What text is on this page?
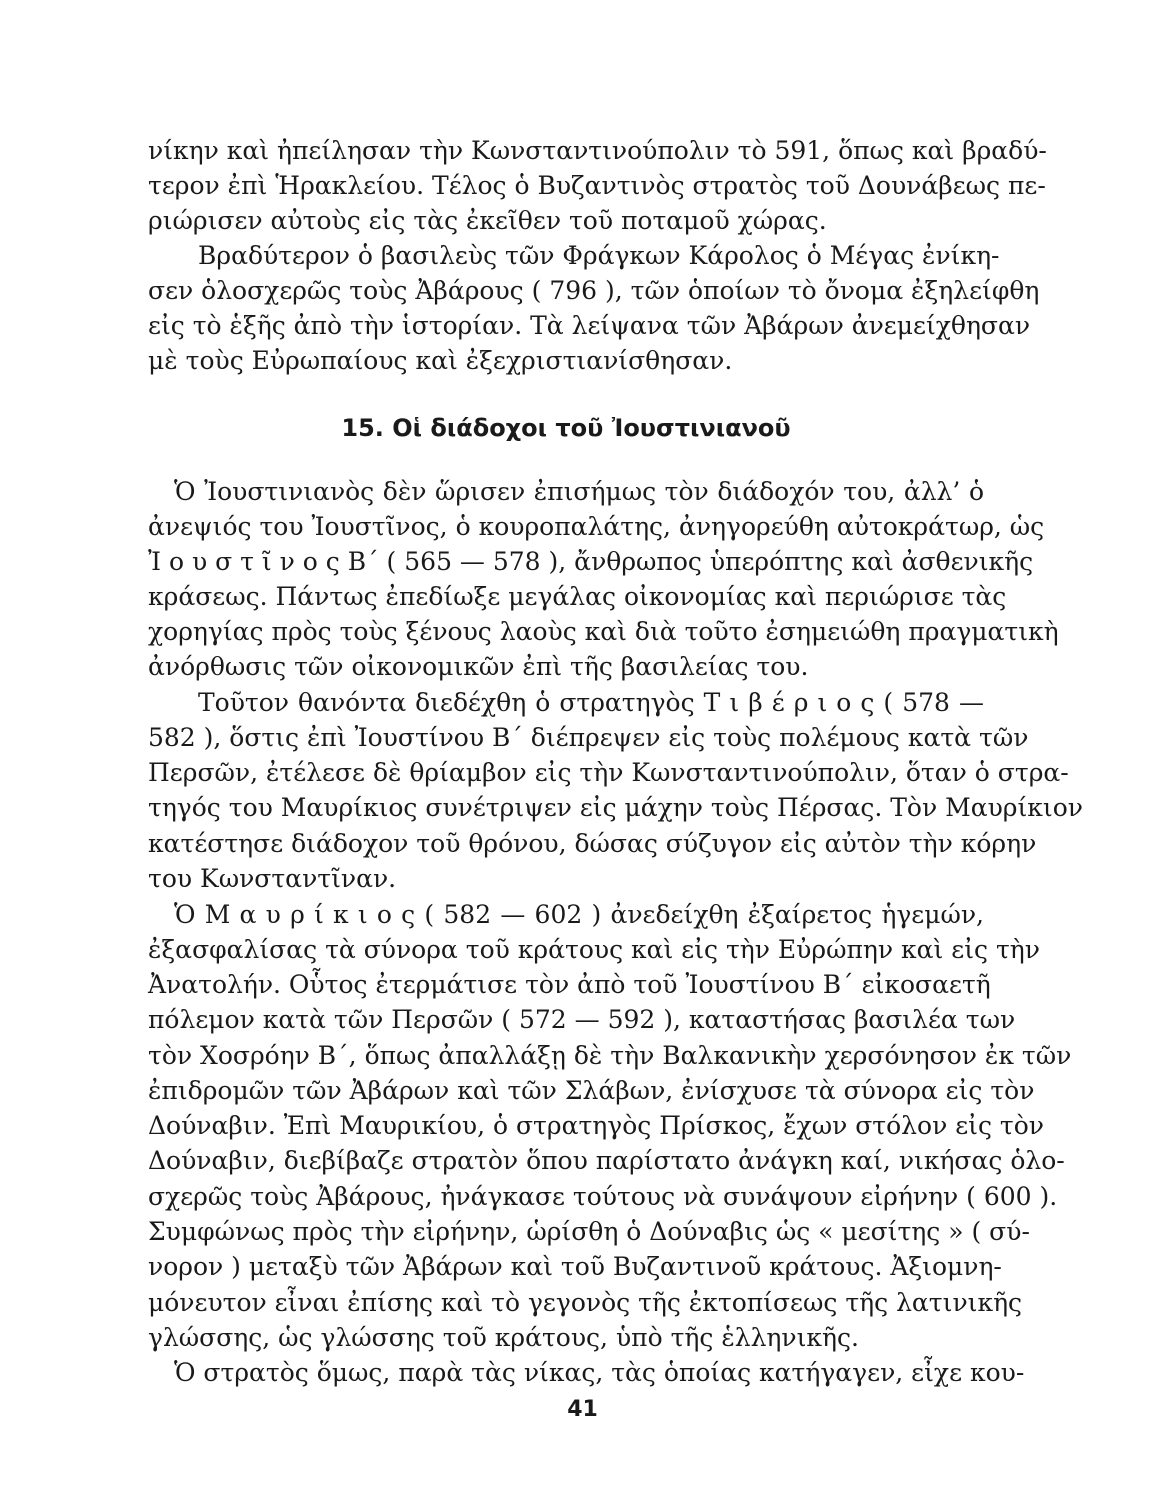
νίκην καὶ ἠπείλησαν τὴν Κωνσταντινούπολιν τὸ 591, ὅπως καὶ βραδύ-
τερον ἐπὶ Ἡρακλείου. Τέλος ὁ Βυζαντινὸς στρατὸς τοῦ Δουνάβεως πε-
ριώρισεν αὐτοὺς εἰς τὰς ἐκεῖθεν τοῦ ποταμοῦ χώρας.
Βραδύτερον ὁ βασιλεὺς τῶν Φράγκων Κάρολος ὁ Μέγας ἐνίκη-
σεν ὁλοσχερῶς τοὺς Ἀβάρους ( 796 ), τῶν ὁποίων τὸ ὄνομα ἐξηλείφθη
εἰς τὸ ἑξῆς ἀπὸ τὴν ἱστορίαν. Τὰ λείψανα τῶν Ἀβάρων ἀνεμείχθησαν
μὲ τοὺς Εὐρωπαίους καὶ ἐξεχριστιανίσθησαν.
15. Οἱ διάδοχοι τοῦ Ἰουστινιανοῦ
Ὁ Ἰουστινιανὸς δὲν ὥρισεν ἐπισήμως τὸν διάδοχόν του, ἀλλ’ ὁ
ἀνεψιός του Ἰουστῖνος, ὁ κουροπαλάτης, ἀνηγορεύθη αὐτοκράτωρ, ὡς
Ἰ ο υ σ τ ῖ ν ο ς Β΄ ( 565 — 578 ), ἄνθρωπος ὑπερόπτης καὶ ἀσθενικῆς
κράσεως. Πάντως ἐπεδίωξε μεγάλας οἰκονομίας καὶ περιώρισε τὰς
χορηγίας πρὸς τοὺς ξένους λαοὺς καὶ διὰ τοῦτο ἐσημειώθη πραγματικὴ
ἀνόρθωσις τῶν οἰκονομικῶν ἐπὶ τῆς βασιλείας του.
Τοῦτον θανόντα διεδέχθη ὁ στρατηγὸς Τ ι β έ ρ ι ο ς ( 578 —
582 ), ὅστις ἐπὶ Ἰουστίνου Β΄ διέπρεψεν εἰς τοὺς πολέμους κατὰ τῶν
Περσῶν, ἐτέλεσε δὲ θρίαμβον εἰς τὴν Κωνσταντινούπολιν, ὅταν ὁ στρα-
τηγός του Μαυρίκιος συνέτριψεν εἰς μάχην τοὺς Πέρσας. Τὸν Μαυρίκιον
κατέστησε διάδοχον τοῦ θρόνου, δώσας σύζυγον εἰς αὐτὸν τὴν κόρην
του Κωνσταντῖναν.
Ὁ Μ α υ ρ ί κ ι ο ς ( 582 — 602 ) ἀνεδείχθη ἐξαίρετος ἡγεμών,
ἐξασφαλίσας τὰ σύνορα τοῦ κράτους καὶ εἰς τὴν Εὐρώπην καὶ εἰς τὴν
Ἀνατολήν. Οὗτος ἐτερμάτισε τὸν ἀπὸ τοῦ Ἰουστίνου Β΄ εἰκοσαετῆ
πόλεμον κατὰ τῶν Περσῶν ( 572 — 592 ), καταστήσας βασιλέα των
τὸν Χοσρόην Β΄, ὅπως ἀπαλλάξῃ δὲ τὴν Βαλκανικὴν χερσόνησον ἐκ τῶν
ἐπιδρομῶν τῶν Ἀβάρων καὶ τῶν Σλάβων, ἐνίσχυσε τὰ σύνορα εἰς τὸν
Δούναβιν. Ἐπὶ Μαυρικίου, ὁ στρατηγὸς Πρίσκος, ἔχων στόλον εἰς τὸν
Δούναβιν, διεβίβαζε στρατὸν ὅπου παρίστατο ἀνάγκη καί, νικήσας ὁλο-
σχερῶς τοὺς Ἀβάρους, ἠνάγκασε τούτους νὰ συνάψουν εἰρήνην ( 600 ).
Συμφώνως πρὸς τὴν εἰρήνην, ὡρίσθη ὁ Δούναβις ὡς « μεσίτης » ( σύ-
νορον ) μεταξὺ τῶν Ἀβάρων καὶ τοῦ Βυζαντινοῦ κράτους. Ἀξιομνη-
μόνευτον εἶναι ἐπίσης καὶ τὸ γεγονὸς τῆς ἐκτοπίσεως τῆς λατινικῆς
γλώσσης, ὡς γλώσσης τοῦ κράτους, ὑπὸ τῆς ἑλληνικῆς.
Ὁ στρατὸς ὅμως, παρὰ τὰς νίκας, τὰς ὁποίας κατήγαγεν, εἶχε κου-
41
